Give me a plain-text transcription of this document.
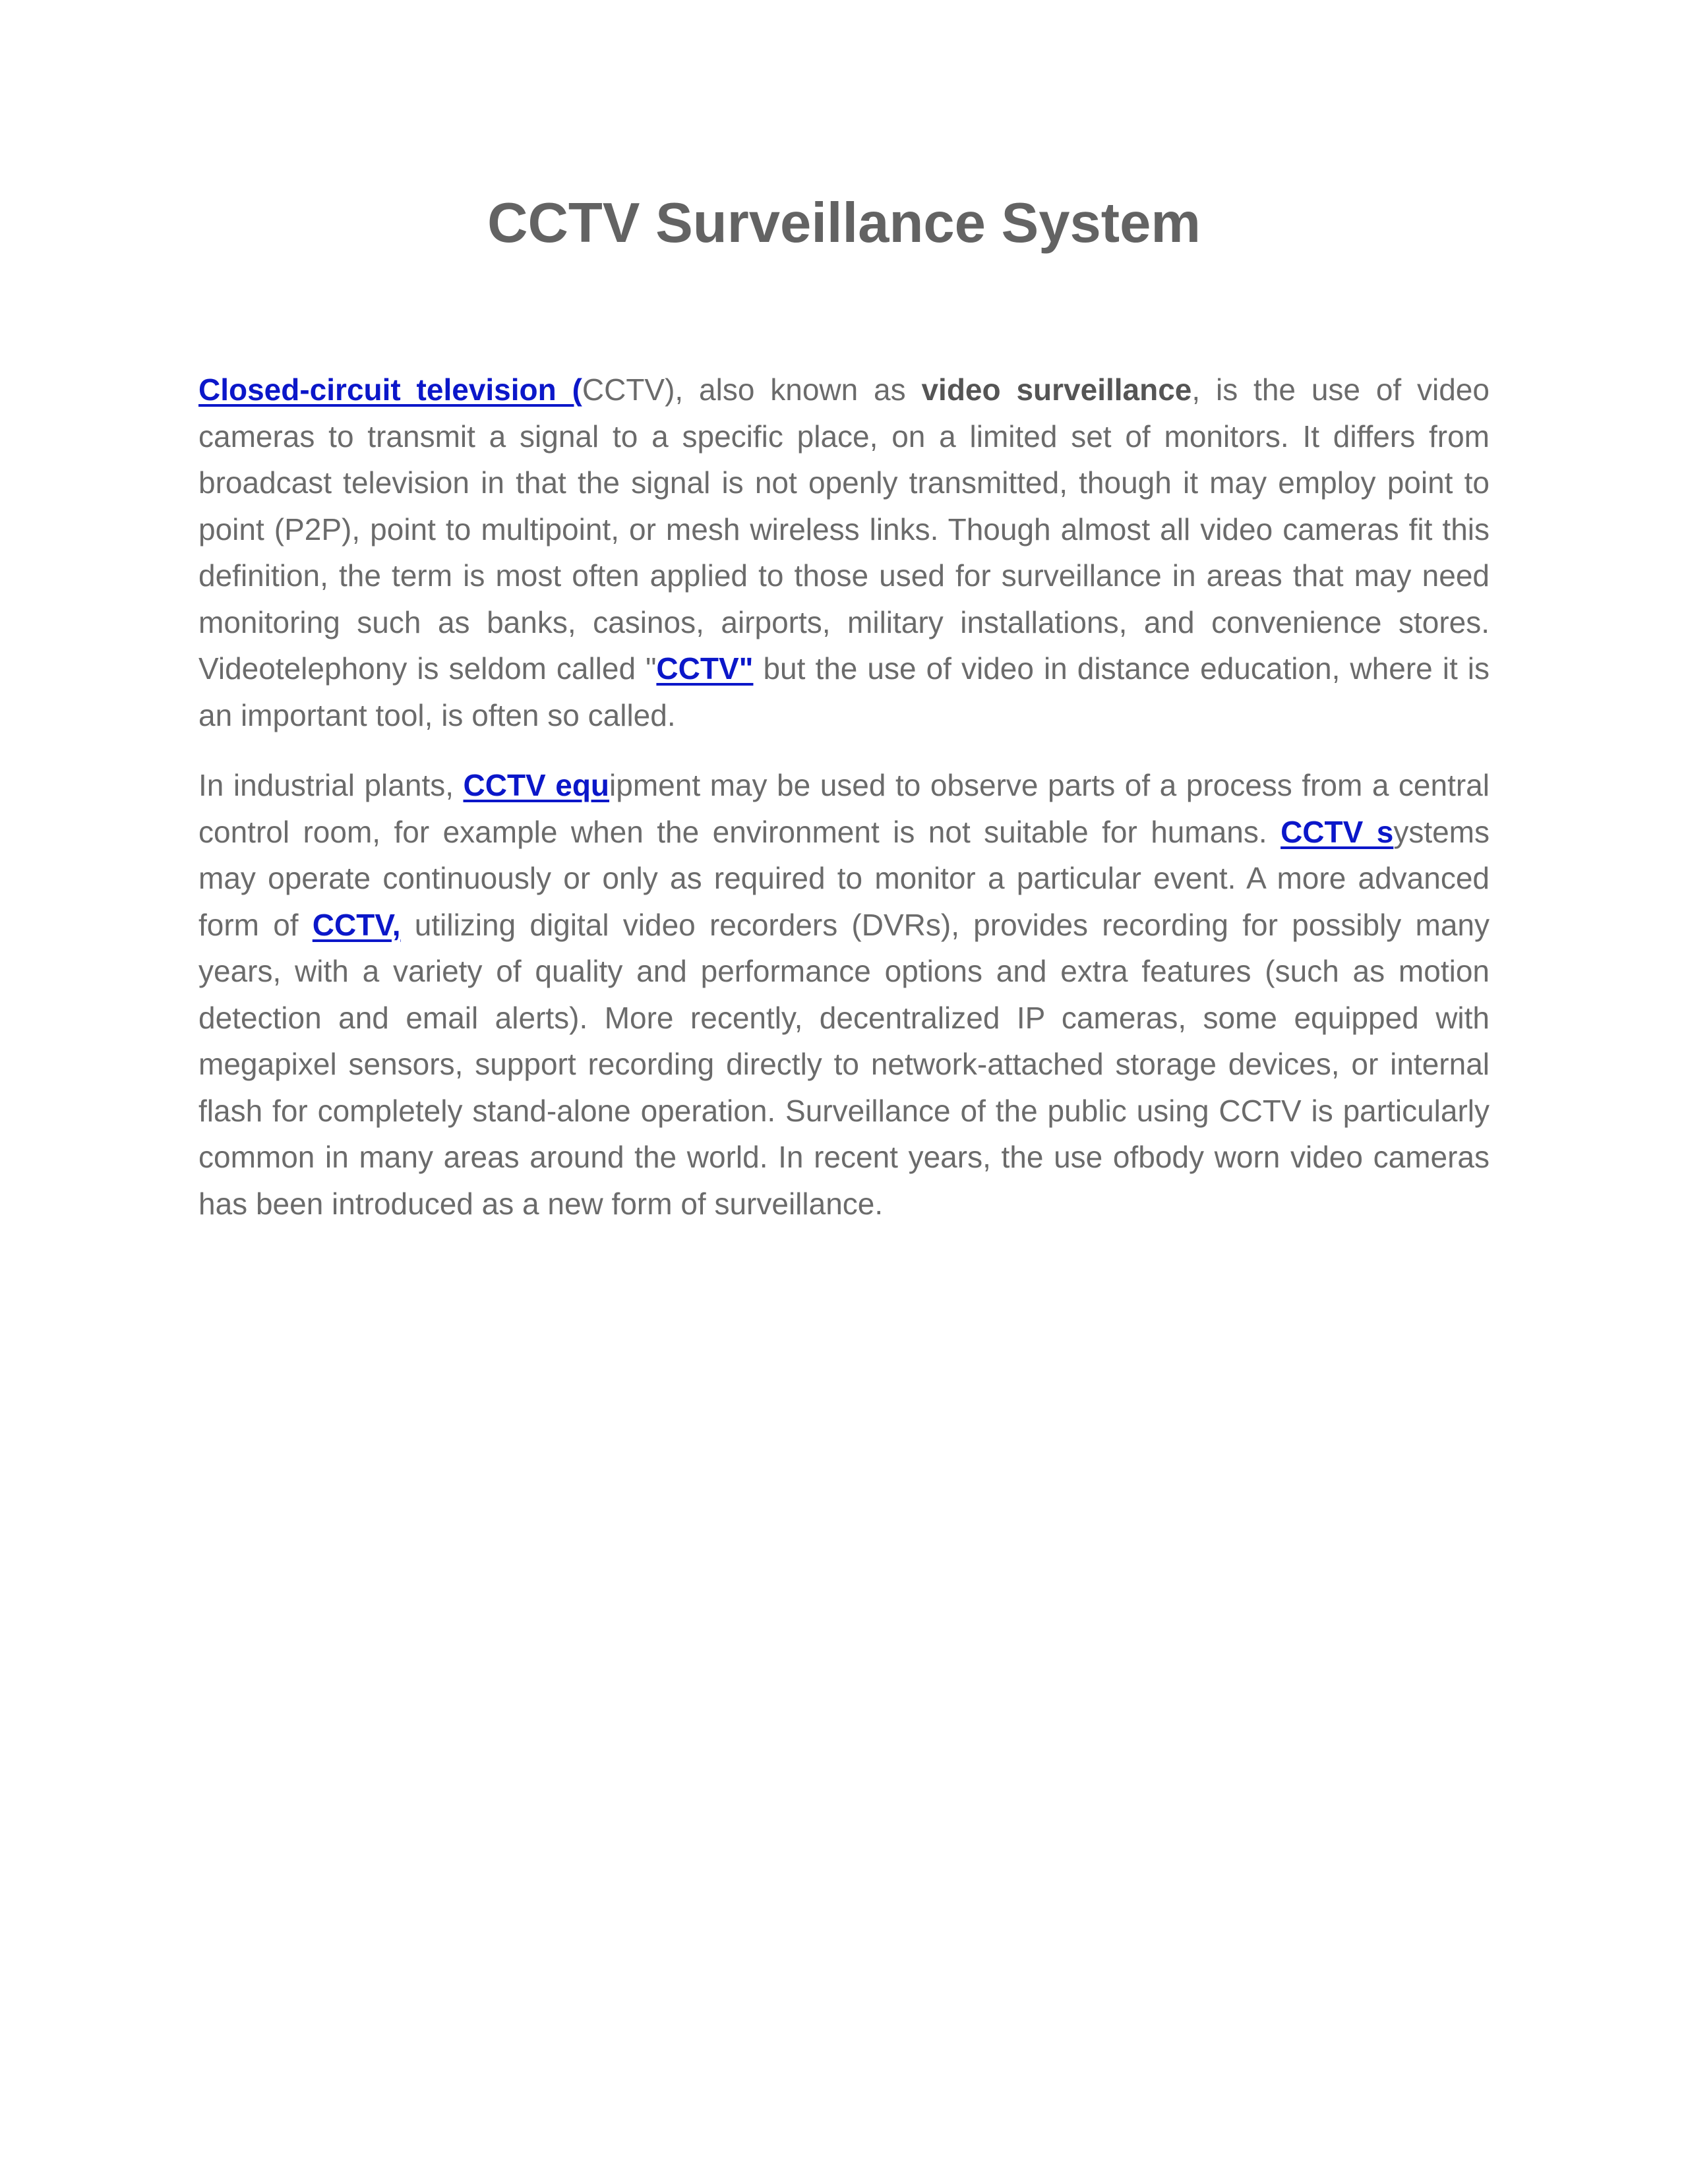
CCTV Surveillance System

Closed-circuit television (CCTV), also known as video surveillance, is the use of video cameras to transmit a signal to a specific place, on a limited set of monitors. It differs from broadcast television in that the signal is not openly transmitted, though it may employ point to point (P2P), point to multipoint, or mesh wireless links. Though almost all video cameras fit this definition, the term is most often applied to those used for surveillance in areas that may need monitoring such as banks, casinos, airports, military installations, and convenience stores. Videotelephony is seldom called "CCTV" but the use of video in distance education, where it is an important tool, is often so called.

In industrial plants, CCTV equipment may be used to observe parts of a process from a central control room, for example when the environment is not suitable for humans. CCTV systems may operate continuously or only as required to monitor a particular event. A more advanced form of CCTV, utilizing digital video recorders (DVRs), provides recording for possibly many years, with a variety of quality and performance options and extra features (such as motion detection and email alerts). More recently, decentralized IP cameras, some equipped with megapixel sensors, support recording directly to network-attached storage devices, or internal flash for completely stand-alone operation. Surveillance of the public using CCTV is particularly common in many areas around the world. In recent years, the use ofbody worn video cameras has been introduced as a new form of surveillance.
